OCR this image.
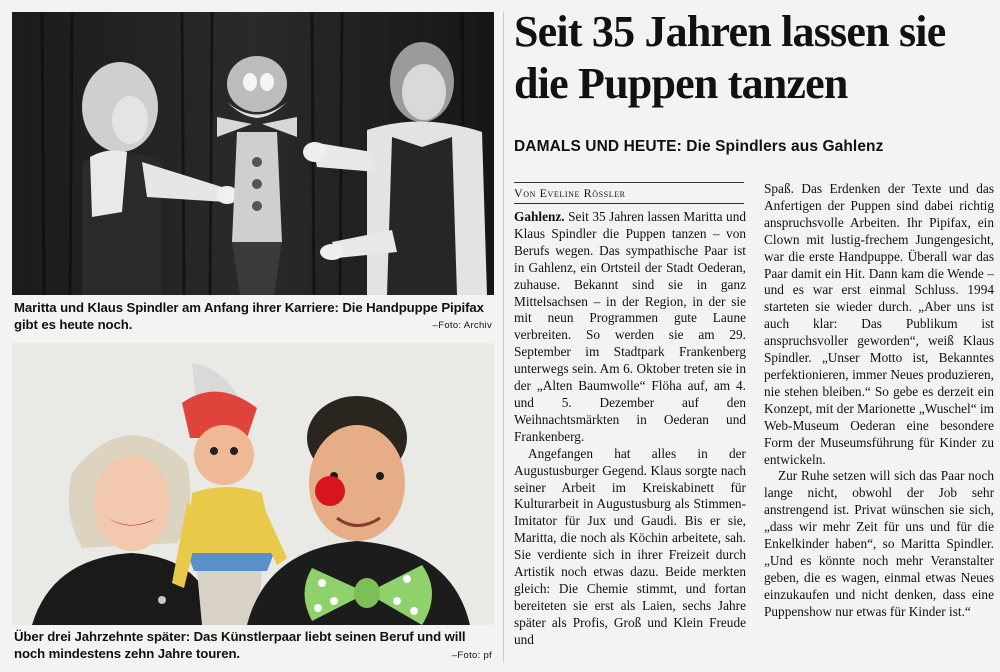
Maritta und Klaus Spindler am Anfang ihrer Karriere: Die Handpuppe Pipifax gibt es heute noch.	–Foto: Archiv
Über drei Jahrzehnte später: Das Künstlerpaar liebt seinen Beruf und will noch mindestens zehn Jahre touren.	–Foto: pf
Seit 35 Jahren lassen sie die Puppen tanzen
DAMALS UND HEUTE: Die Spindlers aus Gahlenz
Von Eveline Rössler

Gahlenz. Seit 35 Jahren lassen Maritta und Klaus Spindler die Puppen tanzen – von Berufs wegen. Das sympathische Paar ist in Gahlenz, ein Ortsteil der Stadt Oederan, zuhause. Bekannt sind sie in ganz Mittelsachsen – in der Region, in der sie mit neun Programmen gute Laune verbreiten. So werden sie am 29. September im Stadtpark Frankenberg unterwegs sein. Am 6. Oktober treten sie in der „Alten Baumwolle“ Flöha auf, am 4. und 5. Dezember auf den Weihnachtsmärkten in Oederan und Frankenberg.

Angefangen hat alles in der Augustusburger Gegend. Klaus sorgte nach seiner Arbeit im Kreiskabinett für Kulturarbeit in Augustusburg als Stimmen-Imitator für Jux und Gaudi. Bis er sie, Maritta, die noch als Köchin arbeitete, sah. Sie verdiente sich in ihrer Freizeit durch Artistik noch etwas dazu. Beide merkten gleich: Die Chemie stimmt, und fortan bereiteten sie erst als Laien, sechs Jahre später als Profis, Groß und Klein Freude und

Spaß. Das Erdenken der Texte und das Anfertigen der Puppen sind dabei richtig anspruchsvolle Arbeiten. Ihr Pipifax, ein Clown mit lustig-frechem Jungengesicht, war die erste Handpuppe. Überall war das Paar damit ein Hit. Dann kam die Wende – und es war erst einmal Schluss. 1994 starteten sie wieder durch. „Aber uns ist auch klar: Das Publikum ist anspruchsvoller geworden“, weiß Klaus Spindler. „Unser Motto ist, Bekanntes perfektionieren, immer Neues produzieren, nie stehen bleiben.“ So gebe es derzeit ein Konzept, mit der Marionette „Wuschel“ im Web-Museum Oederan eine besondere Form der Museumsführung für Kinder zu entwickeln.

Zur Ruhe setzen will sich das Paar noch lange nicht, obwohl der Job sehr anstrengend ist. Privat wünschen sie sich, „dass wir mehr Zeit für uns und für die Enkelkinder haben“, so Maritta Spindler. „Und es könnte noch mehr Veranstalter geben, die es wagen, einmal etwas Neues einzukaufen und nicht denken, dass eine Puppenshow nur etwas für Kinder ist.“
